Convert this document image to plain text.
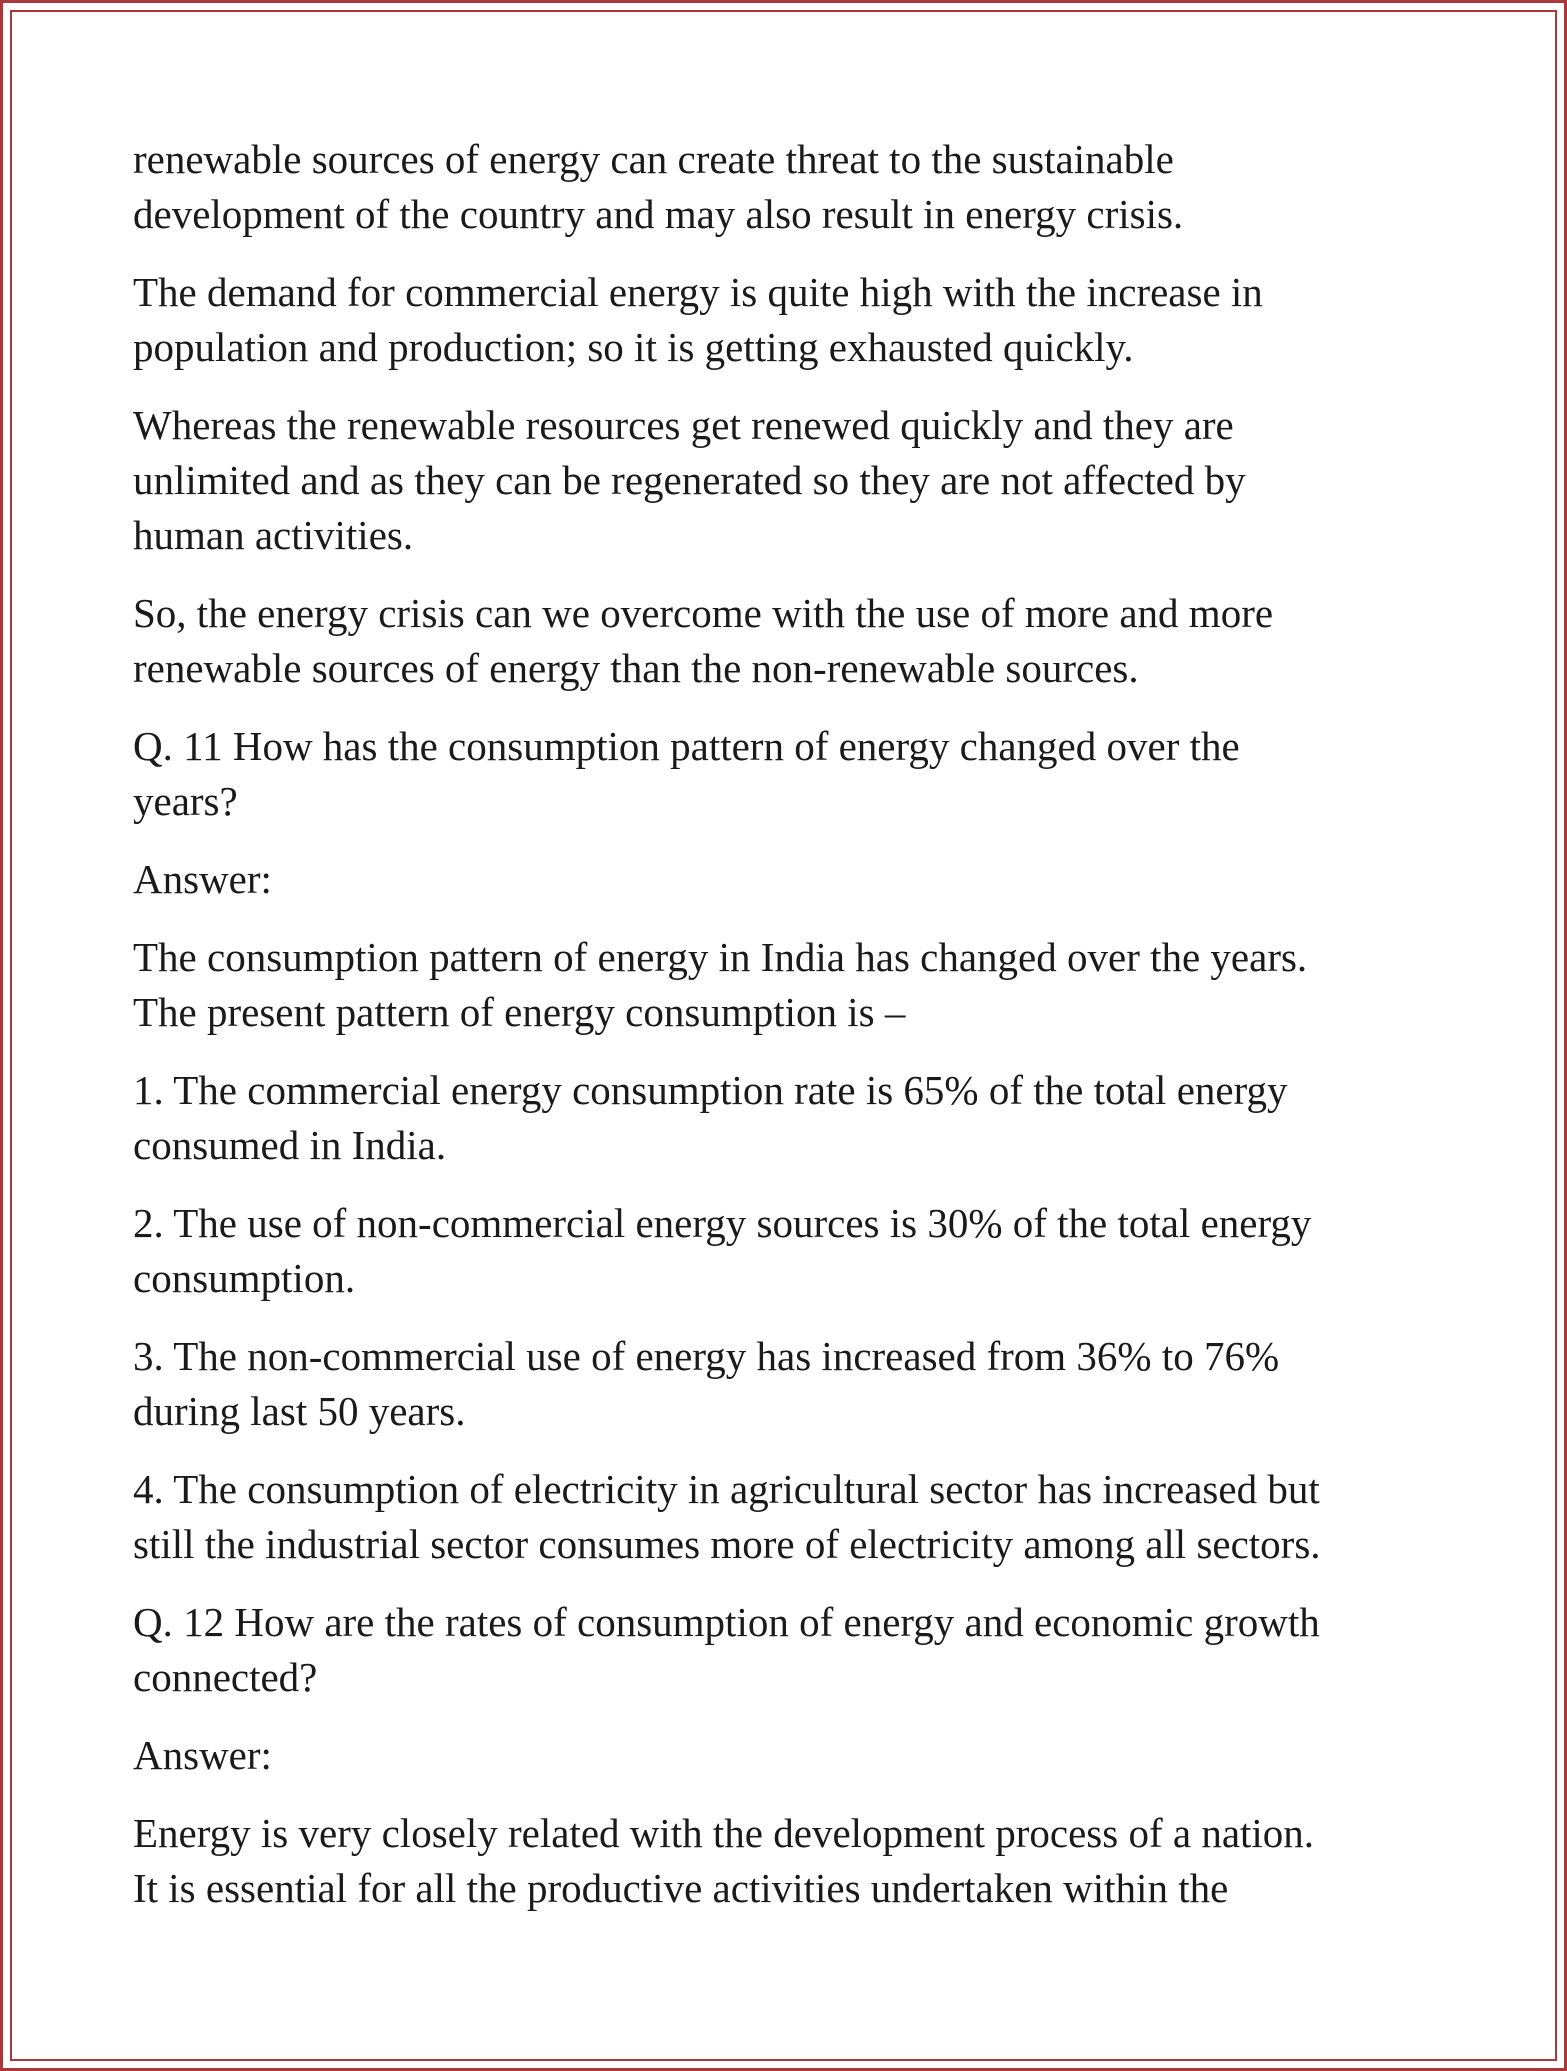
renewable sources of energy can create threat to the sustainable
development of the country and may also result in energy crisis.

The demand for commercial energy is quite high with the increase in
population and production; so it is getting exhausted quickly.

Whereas the renewable resources get renewed quickly and they are
unlimited and as they can be regenerated so they are not affected by
human activities.

So, the energy crisis can we overcome with the use of more and more
renewable sources of energy than the non-renewable sources.

Q. 11 How has the consumption pattern of energy changed over the
years?

Answer:

The consumption pattern of energy in India has changed over the years.
The present pattern of energy consumption is –

1. The commercial energy consumption rate is 65% of the total energy
consumed in India.

2. The use of non-commercial energy sources is 30% of the total energy
consumption.

3. The non-commercial use of energy has increased from 36% to 76%
during last 50 years.

4. The consumption of electricity in agricultural sector has increased but
still the industrial sector consumes more of electricity among all sectors.

Q. 12 How are the rates of consumption of energy and economic growth
connected?

Answer:

Energy is very closely related with the development process of a nation.
It is essential for all the productive activities undertaken within the
